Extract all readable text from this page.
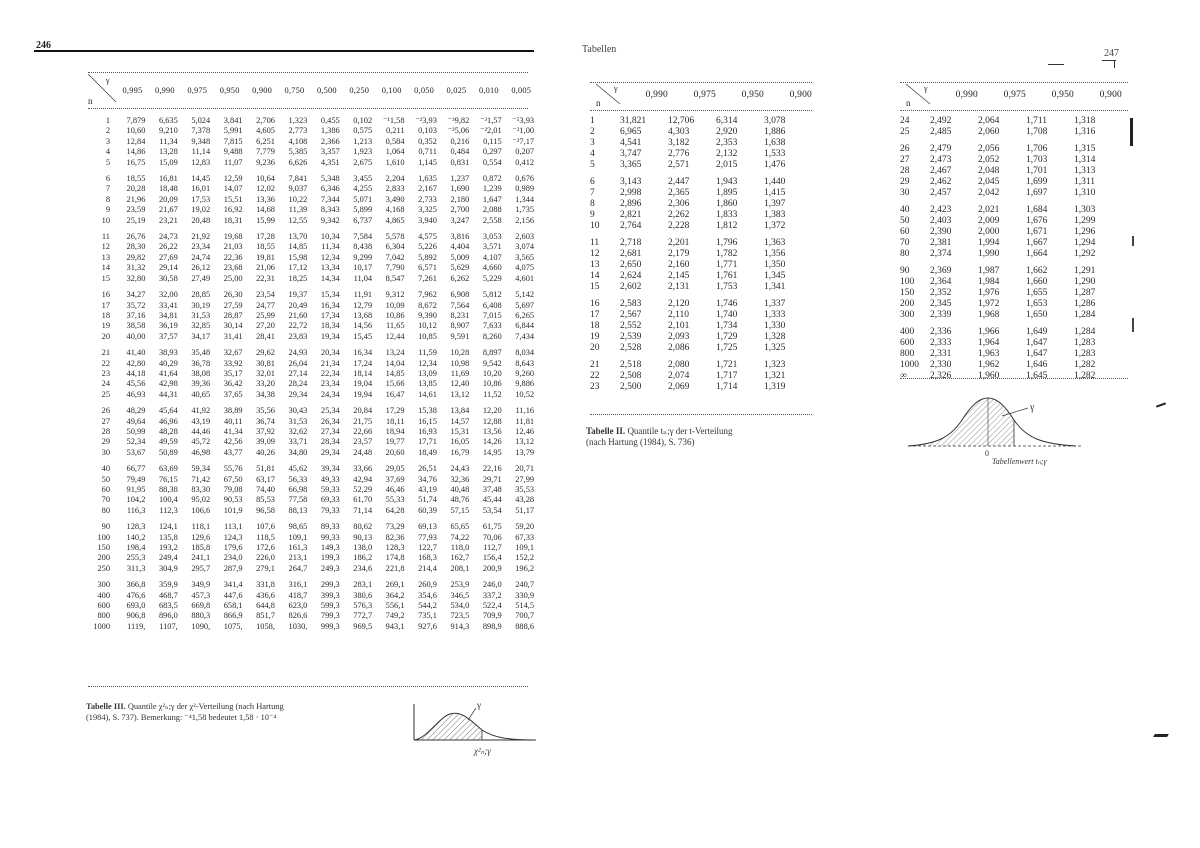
246
γ
n
0,995	0,990	0,975	0,950	0,900	0,750	0,500	0,250	0,100	0,050	0,025	0,010	0,005
1	7,879	6,635	5,024	3,841	2,706	1,323	0,455	0,102	⁻¹1,58	⁻²3,93	⁻³9,82	⁻³1,57	⁻⁵3,93
2	10,60	9,210	7,378	5,991	4,605	2,773	1,386	0,575	0,211	0,103	⁻²5,06	⁻²2,01	⁻²1,00
3	12,84	11,34	9,348	7,815	6,251	4,108	2,366	1,213	0,584	0,352	0,216	0,115	⁻²7,17
4	14,86	13,28	11,14	9,488	7,779	5,385	3,357	1,923	1,064	0,711	0,484	0,297	0,207
5	16,75	15,09	12,83	11,07	9,236	6,626	4,351	2,675	1,610	1,145	0,831	0,554	0,412
6	18,55	16,81	14,45	12,59	10,64	7,841	5,348	3,455	2,204	1,635	1,237	0,872	0,676
7	20,28	18,48	16,01	14,07	12,02	9,037	6,346	4,255	2,833	2,167	1,690	1,239	0,989
8	21,96	20,09	17,53	15,51	13,36	10,22	7,344	5,071	3,490	2,733	2,180	1,647	1,344
9	23,59	21,67	19,02	16,92	14,68	11,39	8,343	5,899	4,168	3,325	2,700	2,088	1,735
10	25,19	23,21	20,48	18,31	15,99	12,55	9,342	6,737	4,865	3,940	3,247	2,558	2,156
11	26,76	24,73	21,92	19,68	17,28	13,70	10,34	7,584	5,578	4,575	3,816	3,053	2,603
12	28,30	26,22	23,34	21,03	18,55	14,85	11,34	8,438	6,304	5,226	4,404	3,571	3,074
13	29,82	27,69	24,74	22,36	19,81	15,98	12,34	9,299	7,042	5,892	5,009	4,107	3,565
14	31,32	29,14	26,12	23,68	21,06	17,12	13,34	10,17	7,790	6,571	5,629	4,660	4,075
15	32,80	30,58	27,49	25,00	22,31	18,25	14,34	11,04	8,547	7,261	6,262	5,229	4,601
16	34,27	32,00	28,85	26,30	23,54	19,37	15,34	11,91	9,312	7,962	6,908	5,812	5,142
17	35,72	33,41	30,19	27,59	24,77	20,49	16,34	12,79	10,09	8,672	7,564	6,408	5,697
18	37,16	34,81	31,53	28,87	25,99	21,60	17,34	13,68	10,86	9,390	8,231	7,015	6,265
19	38,58	36,19	32,85	30,14	27,20	22,72	18,34	14,56	11,65	10,12	8,907	7,633	6,844
20	40,00	37,57	34,17	31,41	28,41	23,83	19,34	15,45	12,44	10,85	9,591	8,260	7,434
21	41,40	38,93	35,48	32,67	29,62	24,93	20,34	16,34	13,24	11,59	10,28	8,897	8,034
22	42,80	40,29	36,78	33,92	30,81	26,04	21,34	17,24	14,04	12,34	10,98	9,542	8,643
23	44,18	41,64	38,08	35,17	32,01	27,14	22,34	18,14	14,85	13,09	11,69	10,20	9,260
24	45,56	42,98	39,36	36,42	33,20	28,24	23,34	19,04	15,66	13,85	12,40	10,86	9,886
25	46,93	44,31	40,65	37,65	34,38	29,34	24,34	19,94	16,47	14,61	13,12	11,52	10,52
26	48,29	45,64	41,92	38,89	35,56	30,43	25,34	20,84	17,29	15,38	13,84	12,20	11,16
27	49,64	46,96	43,19	40,11	36,74	31,53	26,34	21,75	18,11	16,15	14,57	12,88	11,81
28	50,99	48,28	44,46	41,34	37,92	32,62	27,34	22,66	18,94	16,93	15,31	13,56	12,46
29	52,34	49,59	45,72	42,56	39,09	33,71	28,34	23,57	19,77	17,71	16,05	14,26	13,12
30	53,67	50,89	46,98	43,77	40,26	34,80	29,34	24,48	20,60	18,49	16,79	14,95	13,79
40	66,77	63,69	59,34	55,76	51,81	45,62	39,34	33,66	29,05	26,51	24,43	22,16	20,71
50	79,49	76,15	71,42	67,50	63,17	56,33	49,33	42,94	37,69	34,76	32,36	29,71	27,99
60	91,95	88,38	83,30	79,08	74,40	66,98	59,33	52,29	46,46	43,19	40,48	37,48	35,53
70	104,2	100,4	95,02	90,53	85,53	77,58	69,33	61,70	55,33	51,74	48,76	45,44	43,28
80	116,3	112,3	106,6	101,9	96,58	88,13	79,33	71,14	64,28	60,39	57,15	53,54	51,17
90	128,3	124,1	118,1	113,1	107,6	98,65	89,33	80,62	73,29	69,13	65,65	61,75	59,20
100	140,2	135,8	129,6	124,3	118,5	109,1	99,33	90,13	82,36	77,93	74,22	70,06	67,33
150	198,4	193,2	185,8	179,6	172,6	161,3	149,3	138,0	128,3	122,7	118,0	112,7	109,1
200	255,3	249,4	241,1	234,0	226,0	213,1	199,3	186,2	174,8	168,3	162,7	156,4	152,2
250	311,3	304,9	295,7	287,9	279,1	264,7	249,3	234,6	221,8	214,4	208,1	200,9	196,2
300	366,8	359,9	349,9	341,4	331,8	316,1	299,3	283,1	269,1	260,9	253,9	246,0	240,7
400	476,6	468,7	457,3	447,6	436,6	418,7	399,3	380,6	364,2	354,6	346,5	337,2	330,9
600	693,0	683,5	669,8	658,1	644,8	623,0	599,3	576,3	556,1	544,2	534,0	522,4	514,5
800	906,8	896,0	880,3	866,9	851,7	826,6	799,3	772,7	749,2	735,1	723,5	709,9	700,7
1000	1119,	1107,	1090,	1075,	1058,	1030,	999,3	969,5	943,1	927,6	914,3	898,9	888,6
Tabelle III. Quantile χ²ₙ;γ der χ²-Verteilung (nach Hartung
(1984), S. 737). Bemerkung: ⁻⁴1,58 bedeutet 1,58 · 10⁻⁴
γ
χ²ₙ;γ
Tabellen	247
γ
n
0,990	0,975	0,950	0,900
1	31,821	12,706	6,314	3,078
2	6,965	4,303	2,920	1,886
3	4,541	3,182	2,353	1,638
4	3,747	2,776	2,132	1,533
5	3,365	2,571	2,015	1,476
6	3,143	2,447	1,943	1,440
7	2,998	2,365	1,895	1,415
8	2,896	2,306	1,860	1,397
9	2,821	2,262	1,833	1,383
10	2,764	2,228	1,812	1,372
11	2,718	2,201	1,796	1,363
12	2,681	2,179	1,782	1,356
13	2,650	2,160	1,771	1,350
14	2,624	2,145	1,761	1,345
15	2,602	2,131	1,753	1,341
16	2,583	2,120	1,746	1,337
17	2,567	2,110	1,740	1,333
18	2,552	2,101	1,734	1,330
19	2,539	2,093	1,729	1,328
20	2,528	2,086	1,725	1,325
21	2,518	2,080	1,721	1,323
22	2,508	2,074	1,717	1,321
23	2,500	2,069	1,714	1,319
Tabelle II. Quantile tₙ;γ der t-Verteilung
(nach Hartung (1984), S. 736)
γ
n
0,990	0,975	0,950	0,900
24	2,492	2,064	1,711	1,318
25	2,485	2,060	1,708	1,316
26	2,479	2,056	1,706	1,315
27	2,473	2,052	1,703	1,314
28	2,467	2,048	1,701	1,313
29	2,462	2,045	1,699	1,311
30	2,457	2,042	1,697	1,310
40	2,423	2,021	1,684	1,303
50	2,403	2,009	1,676	1,299
60	2,390	2,000	1,671	1,296
70	2,381	1,994	1,667	1,294
80	2,374	1,990	1,664	1,292
90	2,369	1,987	1,662	1,291
100	2,364	1,984	1,660	1,290
150	2,352	1,976	1,655	1,287
200	2,345	1,972	1,653	1,286
300	2,339	1,968	1,650	1,284
400	2,336	1,966	1,649	1,284
600	2,333	1,964	1,647	1,283
800	2,331	1,963	1,647	1,283
1000	2,330	1,962	1,646	1,282
∞	2,326	1,960	1,645	1,282
γ
0
Tabellenwert tₙ;γ
